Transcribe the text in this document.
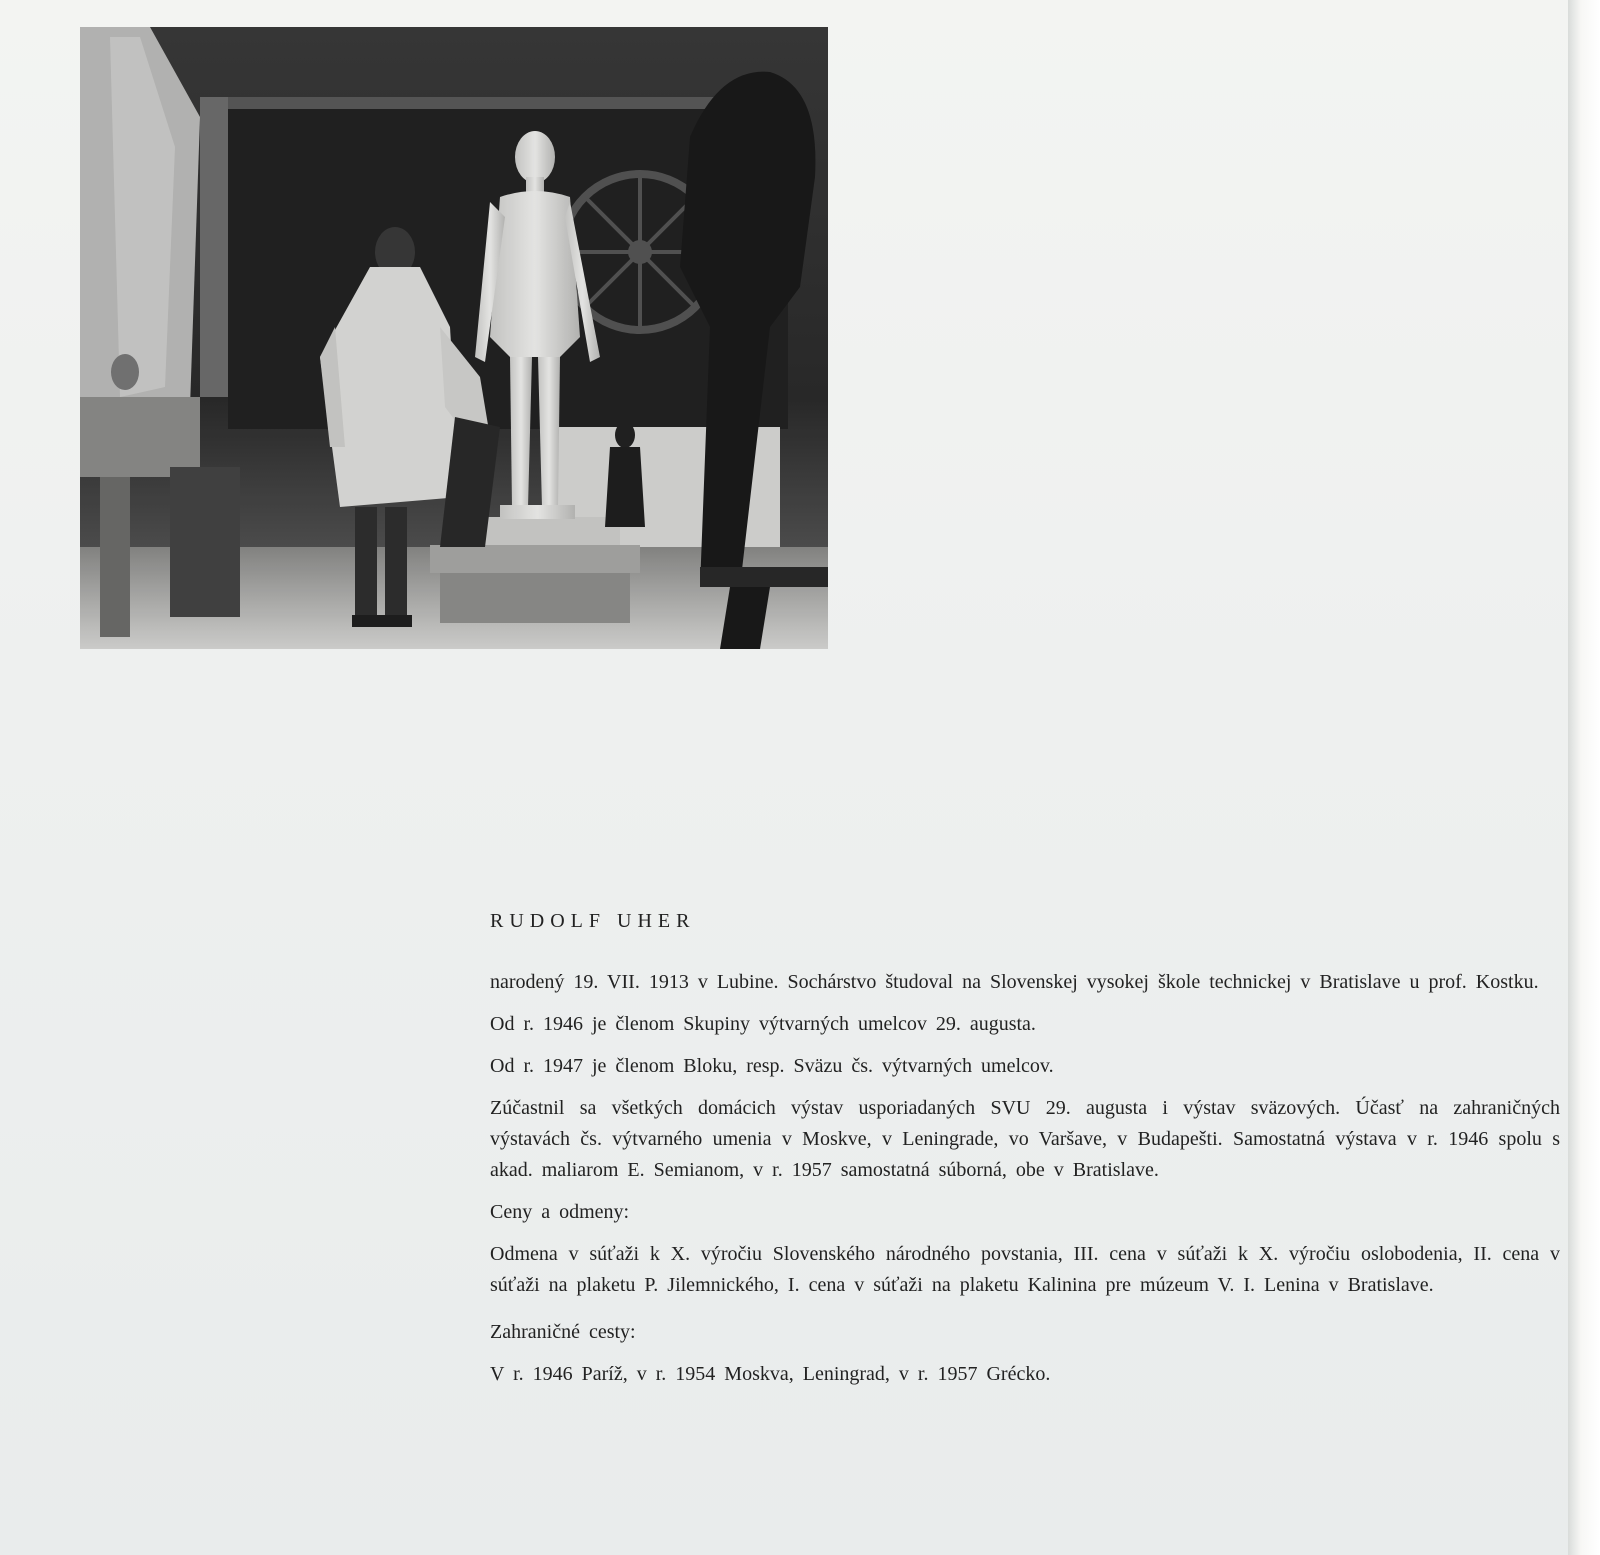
RUDOLF UHER

narodený 19. VII. 1913 v Lubine. Sochárstvo študoval na Slovenskej vysokej škole technickej v Bratislave u prof. Kostku.

Od r. 1946 je členom Skupiny výtvarných umelcov 29. augusta.

Od r. 1947 je členom Bloku, resp. Sväzu čs. výtvarných umelcov.

Zúčastnil sa všetkých domácich výstav usporiadaných SVU 29. augusta i výstav sväzových. Účasť na zahraničných výstavách čs. výtvarného umenia v Moskve, v Leningrade, vo Varšave, v Budapešti. Samostatná výstava v r. 1946 spolu s akad. maliarom E. Semianom, v r. 1957 samostatná súborná, obe v Bratislave.

Ceny a odmeny:

Odmena v súťaži k X. výročiu Slovenského národného povstania, III. cena v súťaži k X. výročiu oslobodenia, II. cena v súťaži na plaketu P. Jilemnického, I. cena v súťaži na plaketu Kalinina pre múzeum V. I. Lenina v Bratislave.

Zahraničné cesty:

V r. 1946 Paríž, v r. 1954 Moskva, Leningrad, v r. 1957 Grécko.
